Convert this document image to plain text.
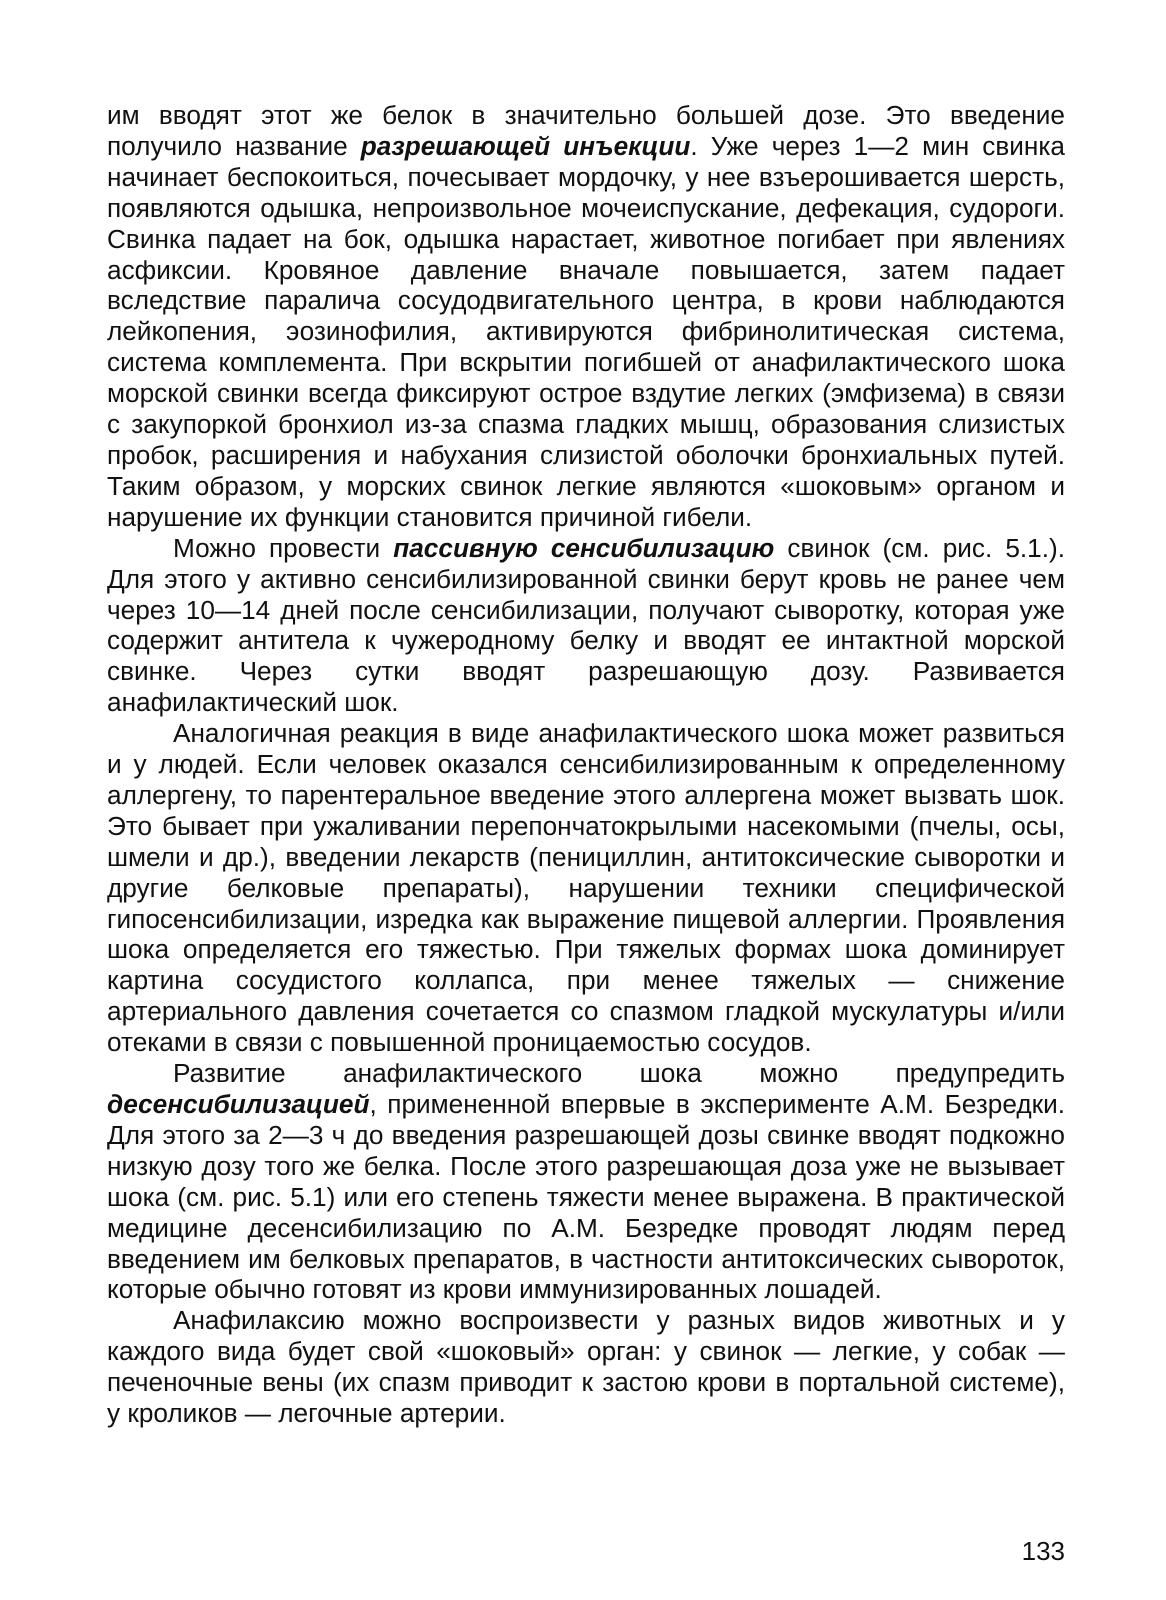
им вводят этот же белок в значительно большей дозе. Это введение получило название разрешающей инъекции. Уже через 1—2 мин свинка начинает беспокоиться, почесывает мордочку, у нее взъерошивается шерсть, появляются одышка, непроизвольное мочеиспускание, дефекация, судороги. Свинка падает на бок, одышка нарастает, животное погибает при явлениях асфиксии. Кровяное давление вначале повышается, затем падает вследствие паралича сосудодвигательного центра, в крови наблюдаются лейкопения, эозинофилия, активируются фибринолитическая система, система комплемента. При вскрытии погибшей от анафилактического шока морской свинки всегда фиксируют острое вздутие легких (эмфизема) в связи с закупоркой бронхиол из-за спазма гладких мышц, образования слизистых пробок, расширения и набухания слизистой оболочки бронхиальных путей. Таким образом, у морских свинок легкие являются «шоковым» органом и нарушение их функции становится причиной гибели.

Можно провести пассивную сенсибилизацию свинок (см. рис. 5.1.). Для этого у активно сенсибилизированной свинки берут кровь не ранее чем через 10—14 дней после сенсибилизации, получают сыворотку, которая уже содержит антитела к чужеродному белку и вводят ее интактной морской свинке. Через сутки вводят разрешающую дозу. Развивается анафилактический шок.

Аналогичная реакция в виде анафилактического шока может развиться и у людей. Если человек оказался сенсибилизированным к определенному аллергену, то парентеральное введение этого аллергена может вызвать шок. Это бывает при ужаливании перепончатокрылыми насекомыми (пчелы, осы, шмели и др.), введении лекарств (пенициллин, антитоксические сыворотки и другие белковые препараты), нарушении техники специфической гипосенсибилизации, изредка как выражение пищевой аллергии. Проявления шока определяется его тяжестью. При тяжелых формах шока доминирует картина сосудистого коллапса, при менее тяжелых — снижение артериального давления сочетается со спазмом гладкой мускулатуры и/или отеками в связи с повышенной проницаемостью сосудов.

Развитие анафилактического шока можно предупредить десенсибилизацией, примененной впервые в эксперименте А.М. Безредки. Для этого за 2—3 ч до введения разрешающей дозы свинке вводят подкожно низкую дозу того же белка. После этого разрешающая доза уже не вызывает шока (см. рис. 5.1) или его степень тяжести менее выражена. В практической медицине десенсибилизацию по А.М. Безредке проводят людям перед введением им белковых препаратов, в частности антитоксических сывороток, которые обычно готовят из крови иммунизированных лошадей.

Анафилаксию можно воспроизвести у разных видов животных и у каждого вида будет свой «шоковый» орган: у свинок — легкие, у собак — печеночные вены (их спазм приводит к застою крови в портальной системе), у кроликов — легочные артерии.

133
